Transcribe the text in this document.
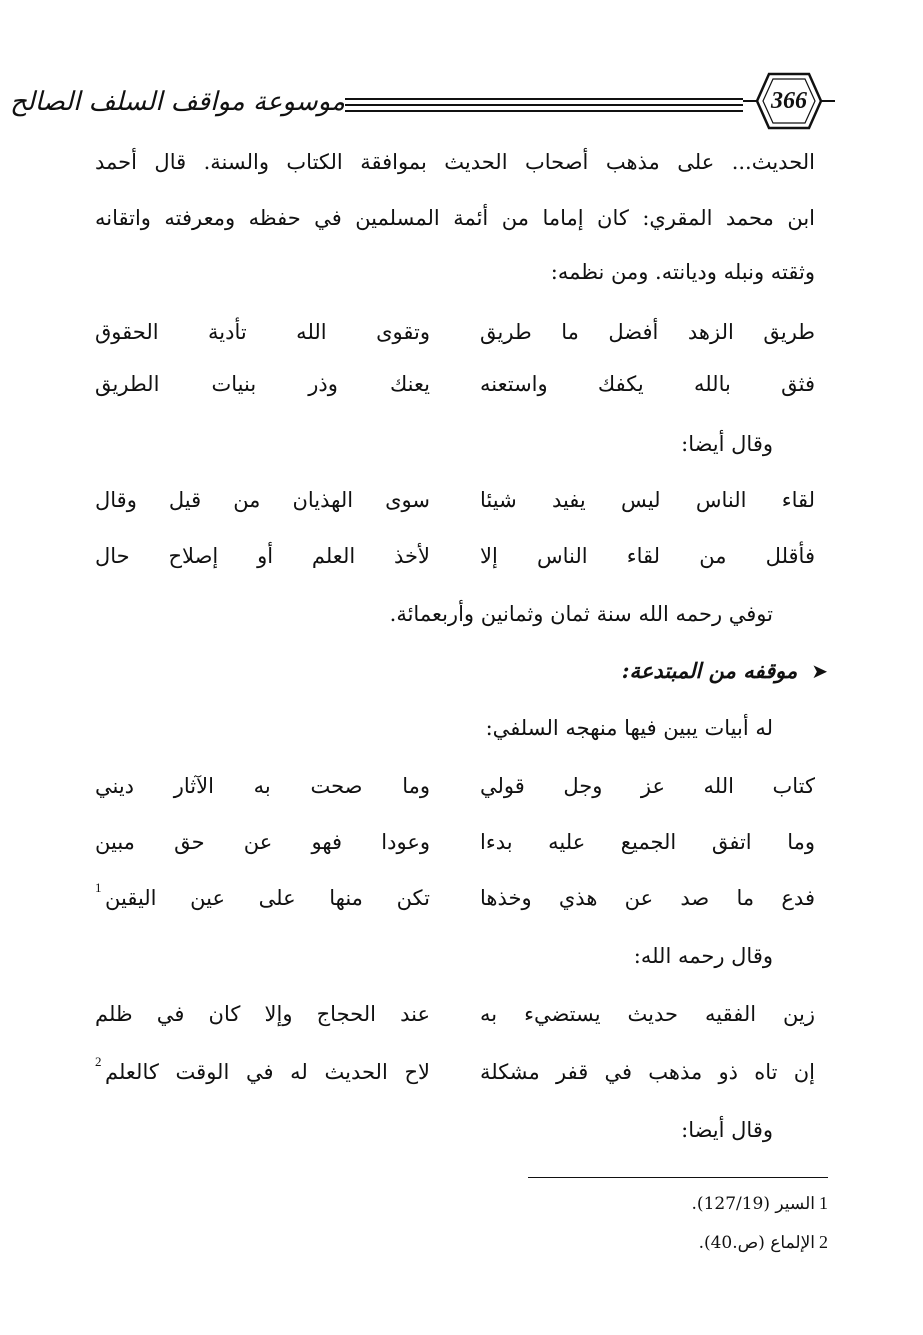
موسوعة مواقف السلف الصالح	366
الحديث... على مذهب أصحاب الحديث بموافقة الكتاب والسنة. قال أحمد
ابن محمد المقري: كان إماما من أئمة المسلمين في حفظه ومعرفته واتقانه
وثقته ونبله وديانته. ومن نظمه:
طريق الزهد أفضل ما طريق
وتقوى الله تأدية الحقوق
فثق بالله يكفك واستعنه
يعنك وذر بنيات الطريق
وقال أيضا:
لقاء الناس ليس يفيد شيئا
سوى الهذيان من قيل وقال
فأقلل من لقاء الناس إلا
لأخذ العلم أو إصلاح حال
توفي رحمه الله سنة ثمان وثمانين وأربعمائة.
➤موقفه من المبتدعة:
له أبيات يبين فيها منهجه السلفي:
كتاب الله عز وجل قولي
وما صحت به الآثار ديني
وما اتفق الجميع عليه بدءا
وعودا فهو عن حق مبين
فدع ما صد عن هذي وخذها
تكن منها على عين اليقين
1
وقال رحمه الله:
زين الفقيه حديث يستضيء به
عند الحجاج وإلا كان في ظلم
إن تاه ذو مذهب في قفر مشكلة
لاح الحديث له في الوقت كالعلم
2
وقال أيضا:
1السير (127/19).
2الإلماع (ص.40).
